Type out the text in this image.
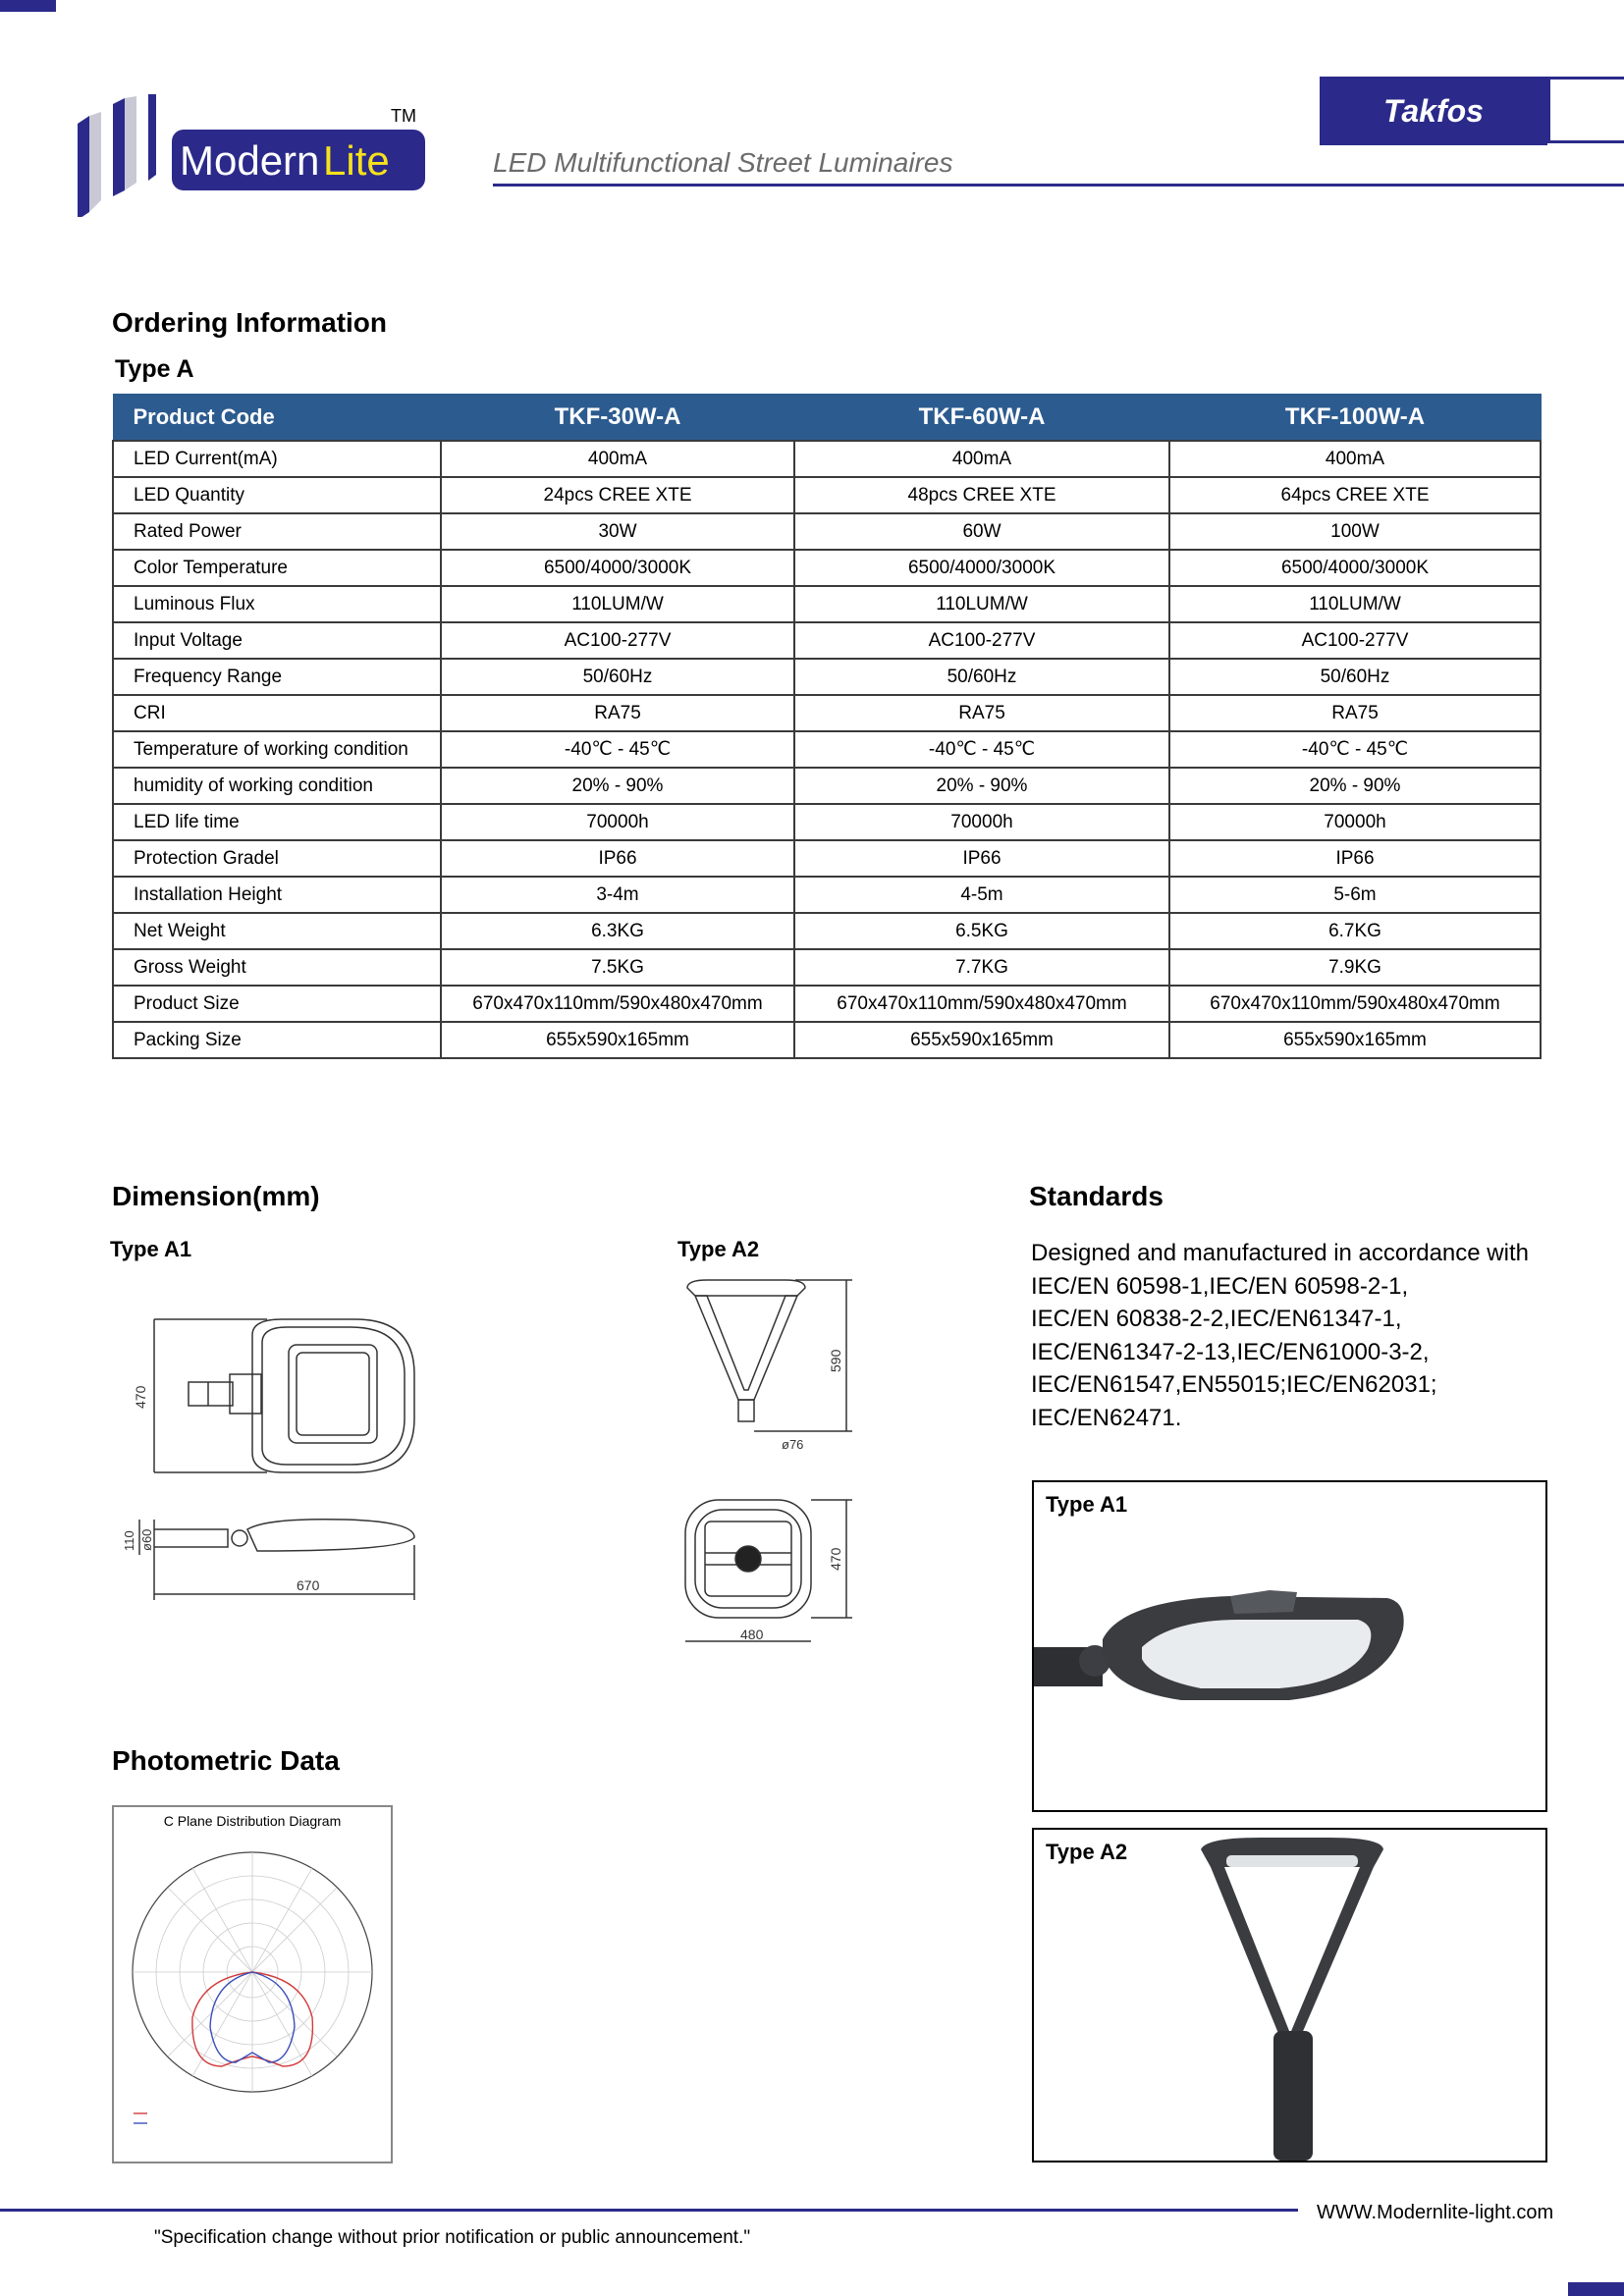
Modern Lite
TM
LED Multifunctional Street Luminaires
Takfos
Ordering Information
Type A
Product Code	TKF-30W-A	TKF-60W-A	TKF-100W-A
LED Current(mA)	400mA	400mA	400mA
LED Quantity	24pcs CREE XTE	48pcs CREE XTE	64pcs CREE XTE
Rated Power	30W	60W	100W
Color Temperature	6500/4000/3000K	6500/4000/3000K	6500/4000/3000K
Luminous Flux	110LUM/W	110LUM/W	110LUM/W
Input Voltage	AC100-277V	AC100-277V	AC100-277V
Frequency Range	50/60Hz	50/60Hz	50/60Hz
CRI	RA75	RA75	RA75
Temperature of working condition	-40℃ - 45℃	-40℃ - 45℃	-40℃ - 45℃
humidity of working condition	20% - 90%	20% - 90%	20% - 90%
LED life time	70000h	70000h	70000h
Protection Gradel	IP66	IP66	IP66
Installation Height	3-4m	4-5m	5-6m
Net Weight	6.3KG	6.5KG	6.7KG
Gross Weight	7.5KG	7.7KG	7.9KG
Product Size	670x470x110mm/590x480x470mm	670x470x110mm/590x480x470mm	670x470x110mm/590x480x470mm
Packing Size	655x590x165mm	655x590x165mm	655x590x165mm
Dimension(mm)
Type A1	Type A2
470
110 ø60
670
590
ø76
470
480
Standards
Designed and manufactured in accordance with
IEC/EN 60598-1,IEC/EN 60598-2-1,
IEC/EN 60838-2-2,IEC/EN61347-1,
IEC/EN61347-2-13,IEC/EN61000-3-2,
IEC/EN61547,EN55015;IEC/EN62031;
IEC/EN62471.
Type A1
Type A2
Photometric Data
C Plane Distribution Diagram
WWW.Modernlite-light.com
"Specification change without prior notification or public announcement."
